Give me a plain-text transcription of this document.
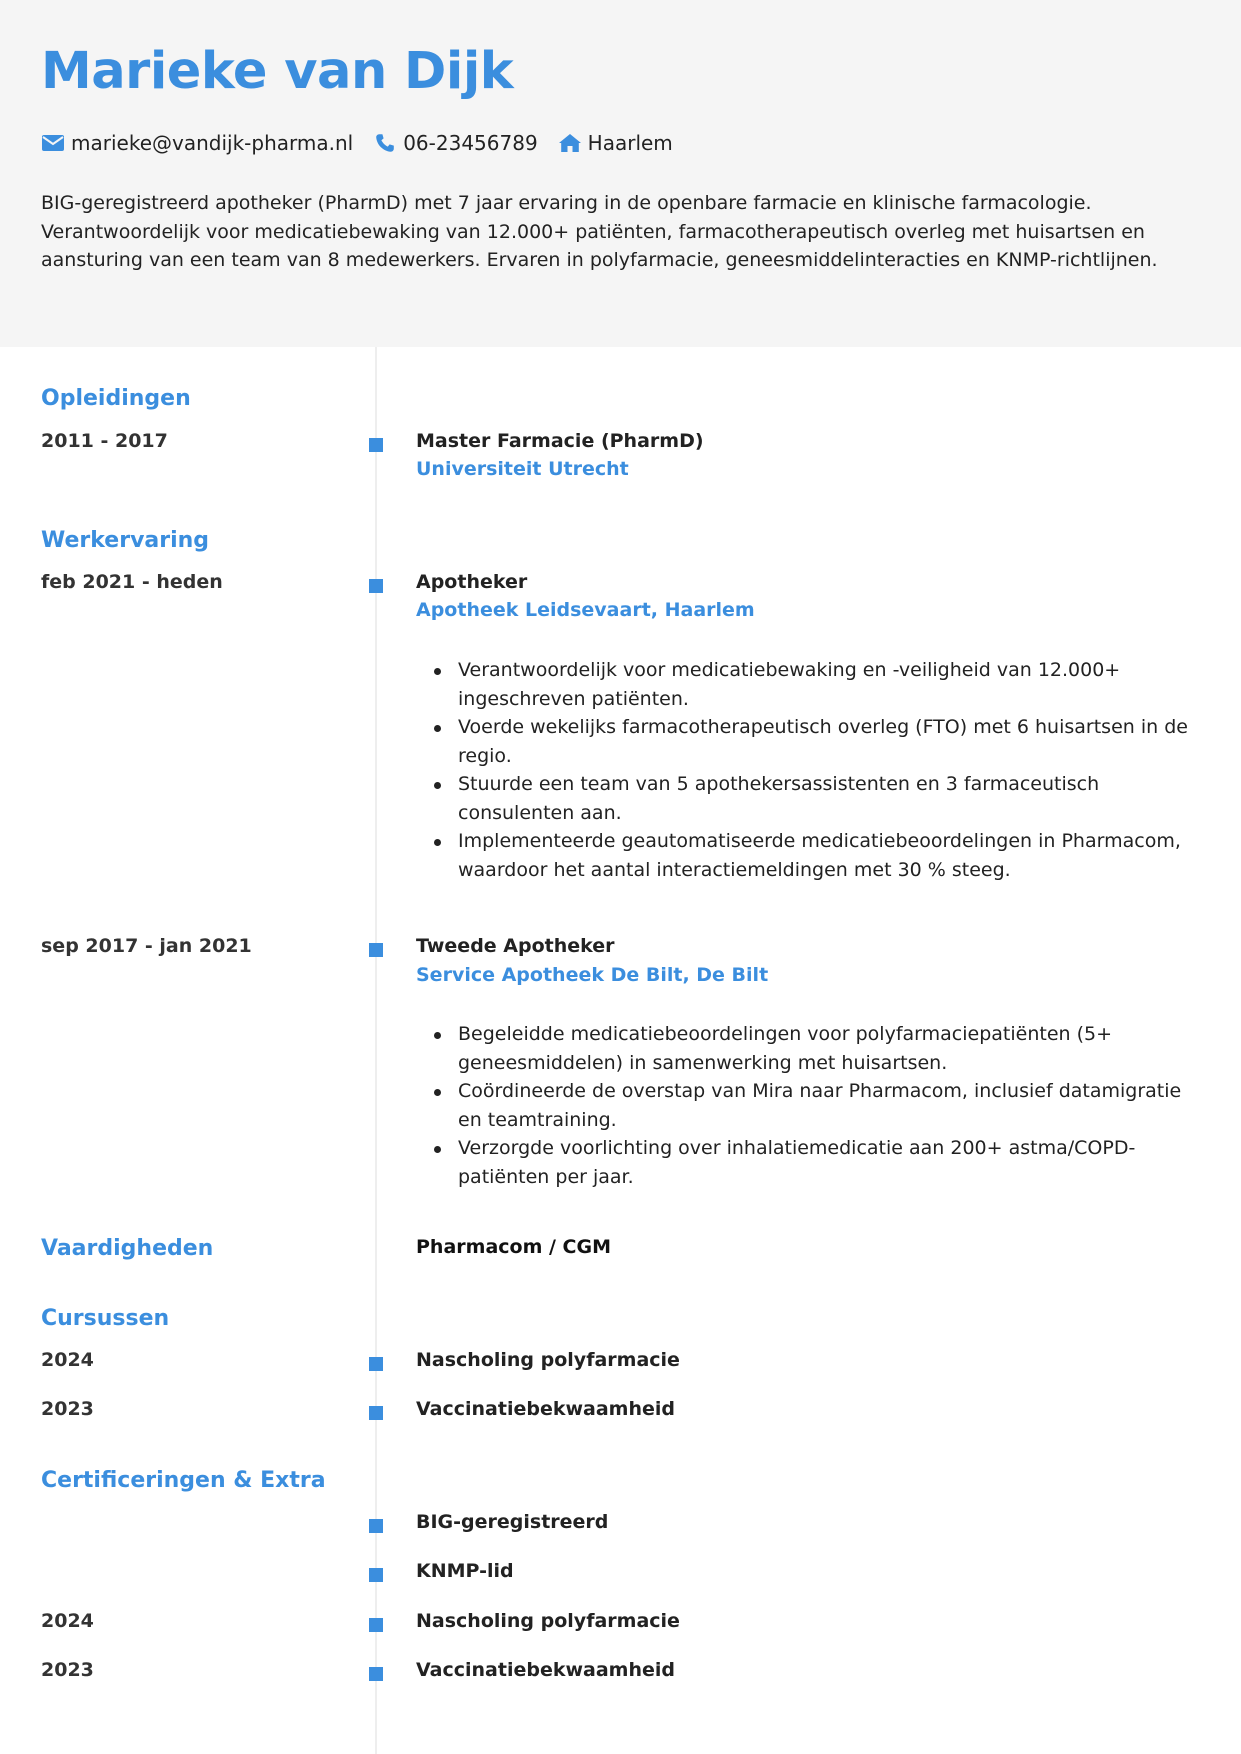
Marieke van Dijk
marieke@vandijk-pharma.nl	06-23456789	Haarlem
BIG-geregistreerd apotheker (PharmD) met 7 jaar ervaring in de openbare farmacie en klinische farmacologie. Verantwoordelijk voor medicatiebewaking van 12.000+ patiënten, farmacotherapeutisch overleg met huisartsen en aansturing van een team van 8 medewerkers. Ervaren in polyfarmacie, geneesmiddelinteracties en KNMP-richtlijnen.
Opleidingen
2011 - 2017	Master Farmacie (PharmD)
Universiteit Utrecht
Werkervaring
feb 2021 - heden	Apotheker
Apotheek Leidsevaart, Haarlem
Verantwoordelijk voor medicatiebewaking en -veiligheid van 12.000+ ingeschreven patiënten.
Voerde wekelijks farmacotherapeutisch overleg (FTO) met 6 huisartsen in de regio.
Stuurde een team van 5 apothekersassistenten en 3 farmaceutisch consulenten aan.
Implementeerde geautomatiseerde medicatiebeoordelingen in Pharmacom, waardoor het aantal interactiemeldingen met 30 % steeg.
sep 2017 - jan 2021	Tweede Apotheker
Service Apotheek De Bilt, De Bilt
Begeleidde medicatiebeoordelingen voor polyfarmaciepatiënten (5+ geneesmiddelen) in samenwerking met huisartsen.
Coördineerde de overstap van Mira naar Pharmacom, inclusief datamigratie en teamtraining.
Verzorgde voorlichting over inhalatiemedicatie aan 200+ astma/COPD-patiënten per jaar.
Vaardigheden	Pharmacom / CGM
Cursussen
2024	Nascholing polyfarmacie
2023	Vaccinatiebekwaamheid
Certificeringen & Extra
BIG-geregistreerd
KNMP-lid
2024	Nascholing polyfarmacie
2023	Vaccinatiebekwaamheid
